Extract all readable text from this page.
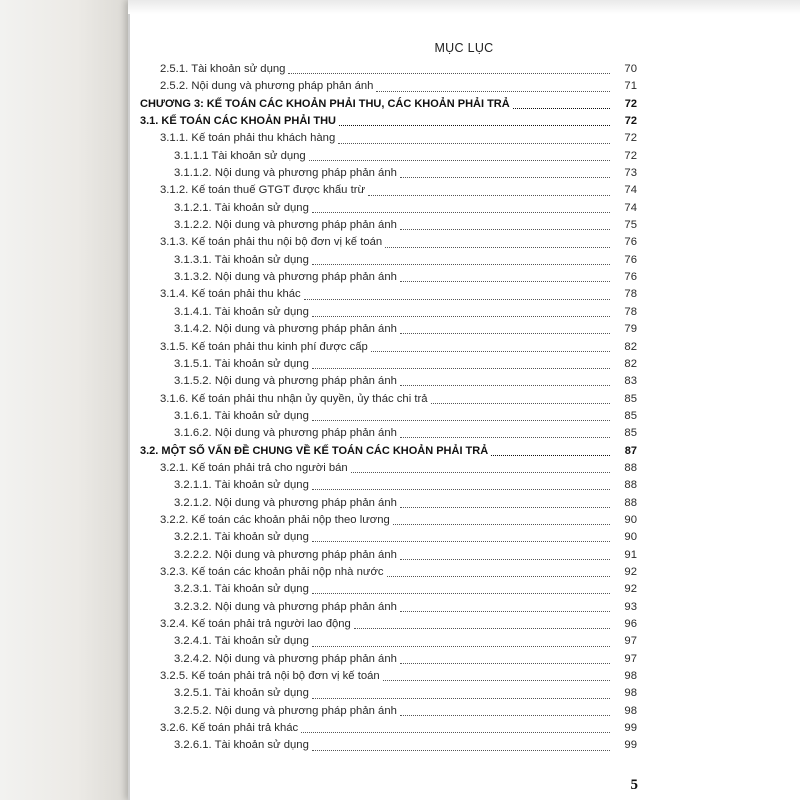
MỤC LỤC
5
2.5.1. Tài khoản sử dụng	70
2.5.2. Nội dung và phương pháp phản ánh	71
CHƯƠNG 3: KẾ TOÁN CÁC KHOẢN PHẢI THU, CÁC KHOẢN PHẢI TRẢ	72
3.1. KẾ TOÁN CÁC KHOẢN PHẢI THU	72
3.1.1. Kế toán phải thu khách hàng	72
3.1.1.1 Tài khoản sử dụng	72
3.1.1.2. Nội dung và phương pháp phản ánh	73
3.1.2. Kế toán thuế GTGT được khấu trừ	74
3.1.2.1. Tài khoản sử dụng	74
3.1.2.2. Nội dung và phương pháp phản ánh	75
3.1.3. Kế toán phải thu nội bộ đơn vị kế toán	76
3.1.3.1. Tài khoản sử dụng	76
3.1.3.2. Nội dung và phương pháp phản ánh	76
3.1.4. Kế toán phải thu khác	78
3.1.4.1. Tài khoản sử dụng	78
3.1.4.2. Nội dung và phương pháp phản ánh	79
3.1.5. Kế toán phải thu kinh phí được cấp	82
3.1.5.1. Tài khoản sử dụng	82
3.1.5.2. Nội dung và phương pháp phản ánh	83
3.1.6. Kế toán phải thu nhận ủy quyền, ủy thác chi trả	85
3.1.6.1. Tài khoản sử dụng	85
3.1.6.2. Nội dung và phương pháp phản ánh	85
3.2. MỘT SỐ VẤN ĐỀ CHUNG VỀ KẾ TOÁN CÁC KHOẢN PHẢI TRẢ	87
3.2.1. Kế toán phải trả cho người bán	88
3.2.1.1. Tài khoản sử dụng	88
3.2.1.2. Nội dung và phương pháp phản ánh	88
3.2.2. Kế toán các khoản phải nộp theo lương	90
3.2.2.1. Tài khoản sử dụng	90
3.2.2.2. Nội dung và phương pháp phản ánh	91
3.2.3. Kế toán các khoản phải nộp nhà nước	92
3.2.3.1. Tài khoản sử dụng	92
3.2.3.2. Nội dung và phương pháp phản ánh	93
3.2.4. Kế toán phải trả người lao động	96
3.2.4.1. Tài khoản sử dụng	97
3.2.4.2. Nội dung và phương pháp phản ánh	97
3.2.5. Kế toán phải trả nội bộ đơn vị kế toán	98
3.2.5.1. Tài khoản sử dụng	98
3.2.5.2. Nội dung và phương pháp phản ánh	98
3.2.6. Kế toán phải trả khác	99
3.2.6.1. Tài khoản sử dụng	99
